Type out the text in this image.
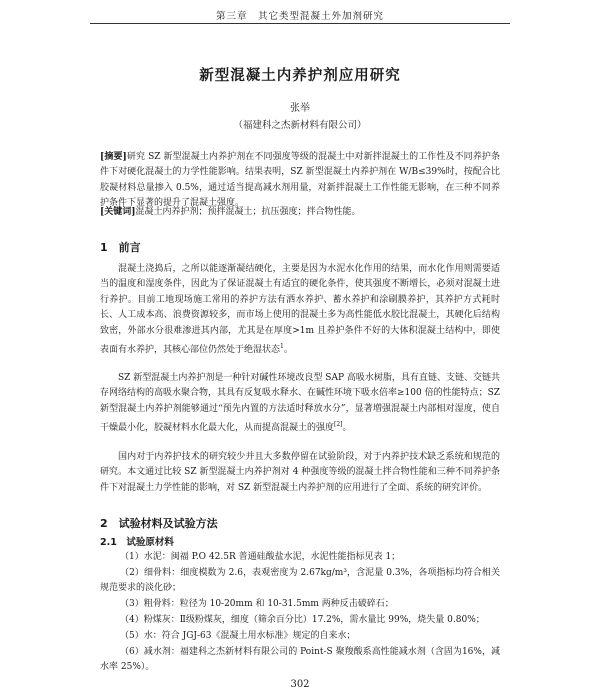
第三章　其它类型混凝土外加剂研究
新型混凝土内养护剂应用研究
张举
（福建科之杰新材料有限公司）
[摘要]研究 SZ 新型混凝土内养护剂在不同强度等级的混凝土中对新拌混凝土的工作性及不同养护条件下对硬化混凝土的力学性能影响。结果表明，SZ 新型混凝土内养护剂在 W/B≤39%时，按配合比胶凝材料总量掺入 0.5%，通过适当提高减水剂用量，对新拌混凝土工作性能无影响，在三种不同养护条件下显著的提升了混凝土强度。
[关键词]混凝土内养护剂；预拌混凝土；抗压强度；拌合物性能。
1　前言
混凝土浇捣后，之所以能逐渐凝结硬化，主要是因为水泥水化作用的结果，而水化作用则需要适当的温度和湿度条件，因此为了保证混凝土有适宜的硬化条件，使其强度不断增长，必须对混凝土进行养护。目前工地现场施工常用的养护方法有洒水养护、蓄水养护和涂刷膜养护，其养护方式耗时长、人工成本高、浪费资源较多，而市场上使用的混凝土多为高性能低水胶比混凝土，其硬化后结构致密，外部水分很难渗进其内部，尤其是在厚度>1m 且养护条件不好的大体积混凝土结构中，即使表面有水养护，其核心部位仍然处于绝湿状态$^1$。
SZ 新型混凝土内养护剂是一种针对碱性环境改良型 SAP 高吸水树脂，具有直链、支链、交链共存网络结构的高吸水聚合物，其具有反复吸水释水、在碱性环境下吸水倍率≥100 倍的性能特点；SZ 新型混凝土内养护剂能够通过“预先内置的方法适时释放水分”，显著増强混凝土内部相对湿度，使自干燥最小化，胶凝材料水化最大化，从而提高混凝土的强度[2]。
国内对于内养护技术的研究较少并且大多数停留在试验阶段，对于内养护技术缺乏系统和规范的研究。本文通过比较 SZ 新型混凝土内养护剂对 4 种强度等级的混凝土拌合物性能和三种不同养护条件下对混凝土力学性能的影响，对 SZ 新型混凝土内养护剂的应用进行了全面、系统的研究评价。
2　试验材料及试验方法
2.1　试验原材料
（1）水泥：闽福 P.O 42.5R 普通硅酸盐水泥，水泥性能指标见表 1；
（2）细骨料：细度模数为 2.6，表观密度为 2.67kg/m³，含泥量 0.3%，各项指标均符合相关规范要求的淡化砂；
（3）粗骨料：粒径为 10-20mm 和 10-31.5mm 两种反击破碎石；
（4）粉煤灰：Ⅱ级粉煤灰，细度（筛余百分比）17.2%，需水量比 99%，烧失量 0.80%；
（5）水：符合 JGJ-63《混凝土用水标准》规定的自来水；
（6）减水剂：福建科之杰新材料有限公司的 Point-S 聚羧酸系高性能减水剂（含固为16%，减水率 25%）。
302
